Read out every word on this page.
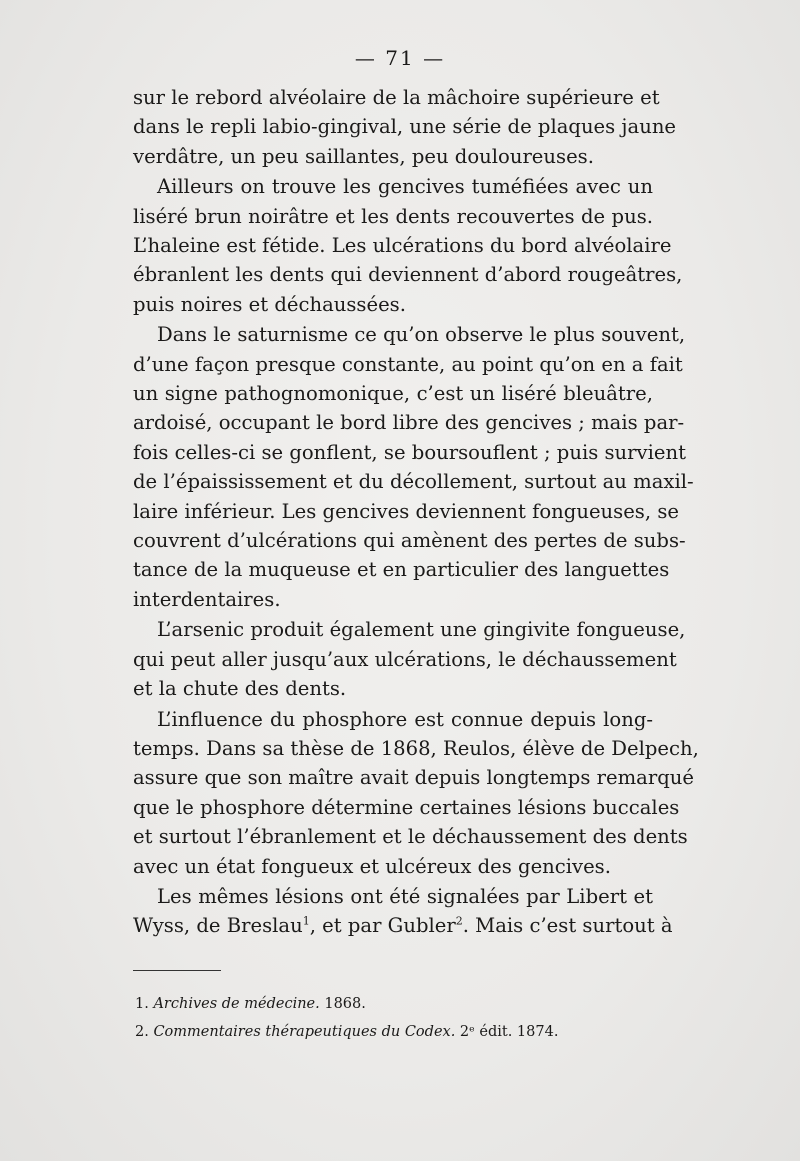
— 71 —
sur le rebord alvéolaire de la mâchoire supérieure et
dans le repli labio-gingival, une série de plaques jaune
verdâtre, un peu saillantes, peu douloureuses.
Ailleurs on trouve les gencives tuméfiées avec un
liséré brun noirâtre et les dents recouvertes de pus.
L’haleine est fétide. Les ulcérations du bord alvéolaire
ébranlent les dents qui deviennent d’abord rougeâtres,
puis noires et déchaussées.
Dans le saturnisme ce qu’on observe le plus souvent,
d’une façon presque constante, au point qu’on en a fait
un signe pathognomonique, c’est un liséré bleuâtre,
ardoisé, occupant le bord libre des gencives ; mais par-
fois celles-ci se gonflent, se boursouflent ; puis survient
de l’épaississement et du décollement, surtout au maxil-
laire inférieur. Les gencives deviennent fongueuses, se
couvrent d’ulcérations qui amènent des pertes de subs-
tance de la muqueuse et en particulier des languettes
interdentaires.
L’arsenic produit également une gingivite fongueuse,
qui peut aller jusqu’aux ulcérations, le déchaussement
et la chute des dents.
L’influence du phosphore est connue depuis long-
temps. Dans sa thèse de 1868, Reulos, élève de Delpech,
assure que son maître avait depuis longtemps remarqué
que le phosphore détermine certaines lésions buccales
et surtout l’ébranlement et le déchaussement des dents
avec un état fongueux et ulcéreux des gencives.
Les mêmes lésions ont été signalées par Libert et
Wyss, de Breslau$^1$, et par Gubler$^2$. Mais c’est surtout à
1. Archives de médecine. 1868.
2. Commentaires thérapeutiques du Codex. 2ᵉ édit. 1874.
